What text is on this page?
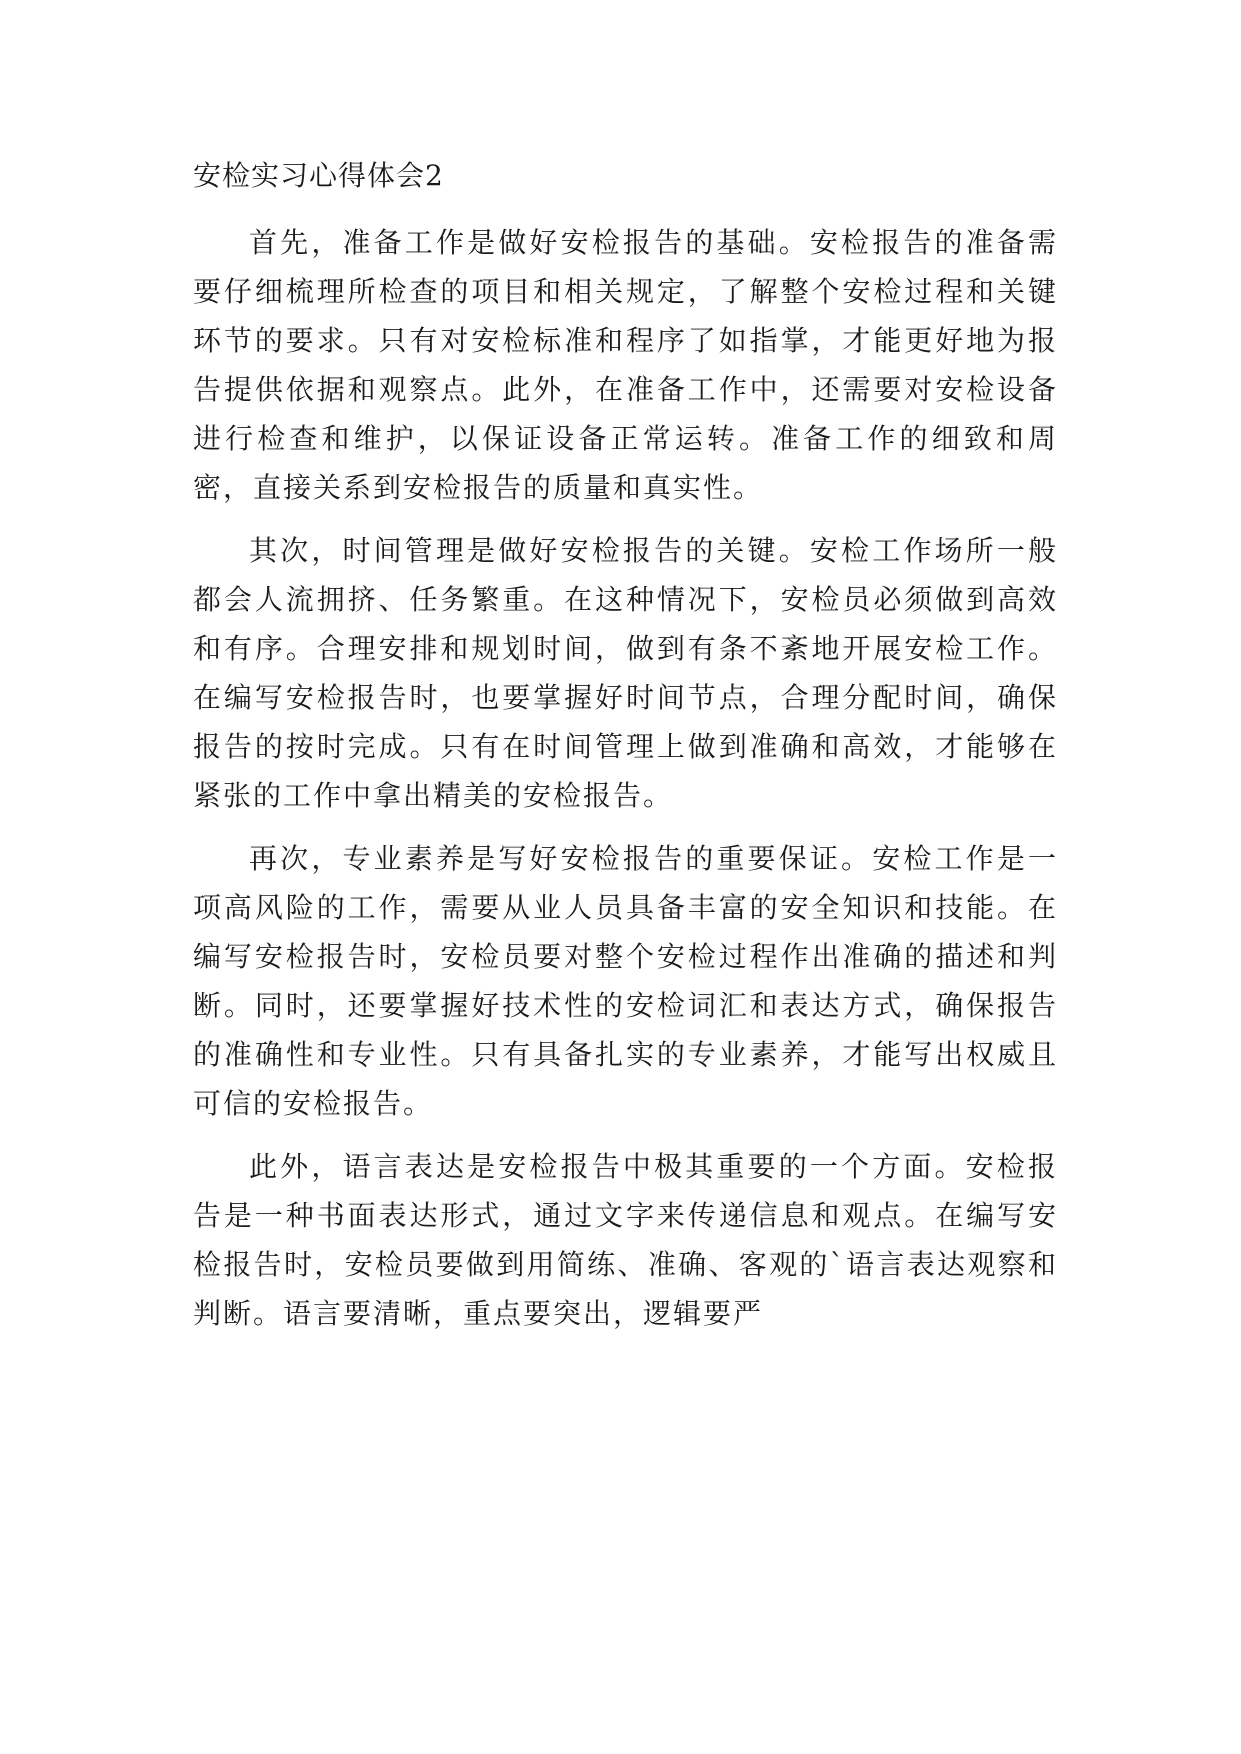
安检实习心得体会2

首先，准备工作是做好安检报告的基础。安检报告的准备需要仔细梳理所检查的项目和相关规定，了解整个安检过程和关键环节的要求。只有对安检标准和程序了如指掌，才能更好地为报告提供依据和观察点。此外，在准备工作中，还需要对安检设备进行检查和维护，以保证设备正常运转。准备工作的细致和周密，直接关系到安检报告的质量和真实性。

其次，时间管理是做好安检报告的关键。安检工作场所一般都会人流拥挤、任务繁重。在这种情况下，安检员必须做到高效和有序。合理安排和规划时间，做到有条不紊地开展安检工作。在编写安检报告时，也要掌握好时间节点，合理分配时间，确保报告的按时完成。只有在时间管理上做到准确和高效，才能够在紧张的工作中拿出精美的安检报告。

再次，专业素养是写好安检报告的重要保证。安检工作是一项高风险的工作，需要从业人员具备丰富的安全知识和技能。在编写安检报告时，安检员要对整个安检过程作出准确的描述和判断。同时，还要掌握好技术性的安检词汇和表达方式，确保报告的准确性和专业性。只有具备扎实的专业素养，才能写出权威且可信的安检报告。

此外，语言表达是安检报告中极其重要的一个方面。安检报告是一种书面表达形式，通过文字来传递信息和观点。在编写安检报告时，安检员要做到用简练、准确、客观的`语言表达观察和判断。语言要清晰，重点要突出，逻辑要严
